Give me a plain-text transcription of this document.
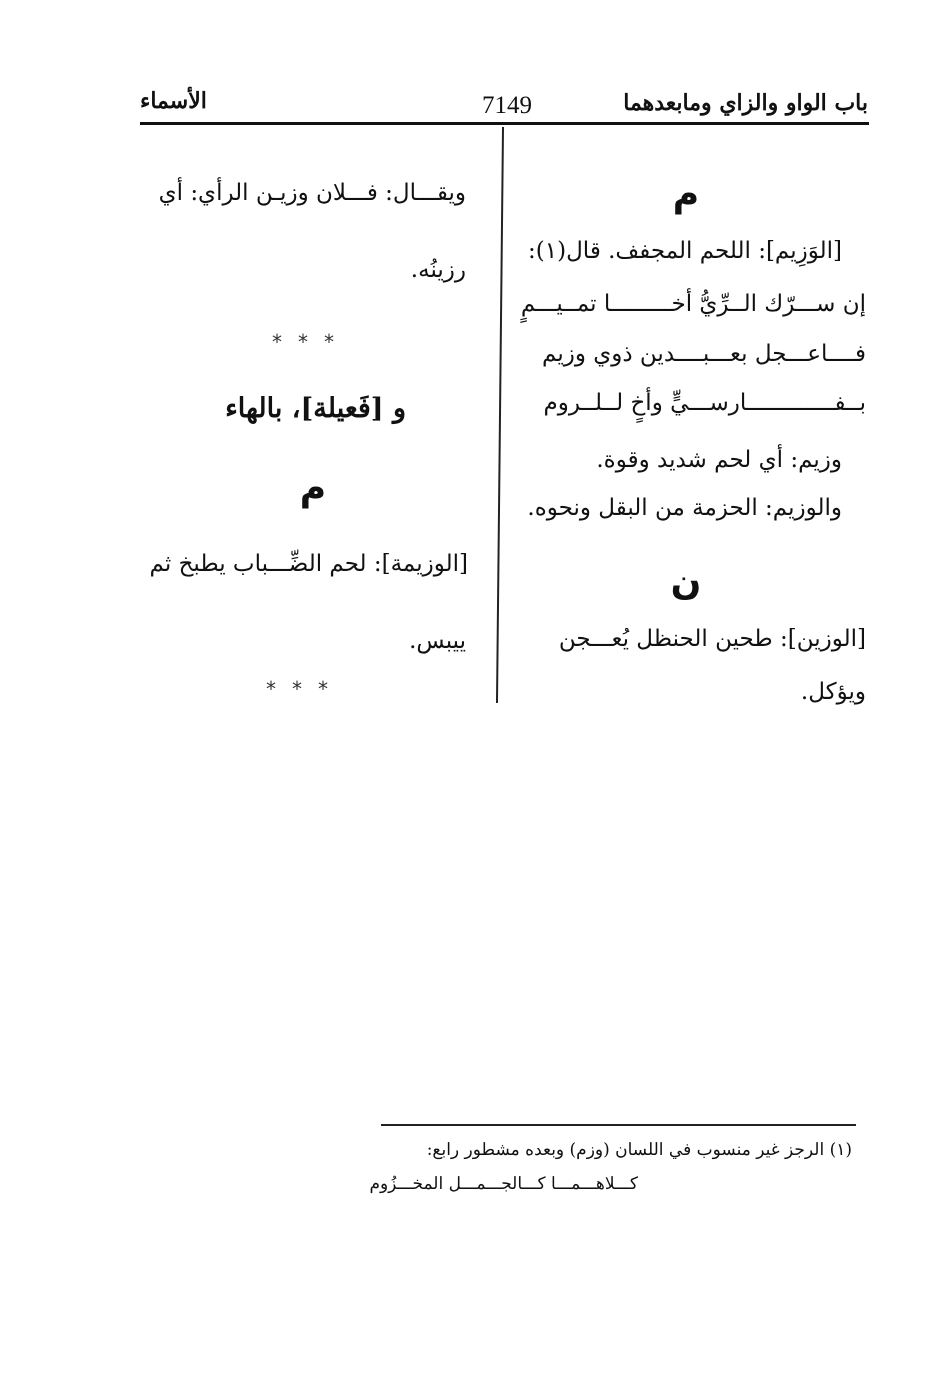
باب الواو والزاي ومابعدهما
7149
الأسماء
م
[الوَزِيم]: اللحم المجفف. قال(١):
إن ســـرّك الــرِّيُّ أخـــــــــا تمــيـــمٍ
فــــاعـــجل بعـــبــــدين ذوي وزيم
بــفـــــــــــــارســـيٍّ وأخٍ لــلــروم
وزيم: أي لحم شديد وقوة.
والوزيم: الحزمة من البقل ونحوه.
ن
[الوزين]: طحين الحنظل يُعـــجن
ويؤكل.
ويقـــال: فـــلان وزيـن الرأي: أي
رزينُه.
***
و [فَعيلة]، بالهاء
م
[الوزيمة]: لحم الضِّـــباب يطبخ ثم
ييبس.
***
(١) الرجز غير منسوب في اللسان (وزم) وبعده مشطور رابع:
كـــلاهـــمـــا كـــالجـــمـــل المخـــزُوم
